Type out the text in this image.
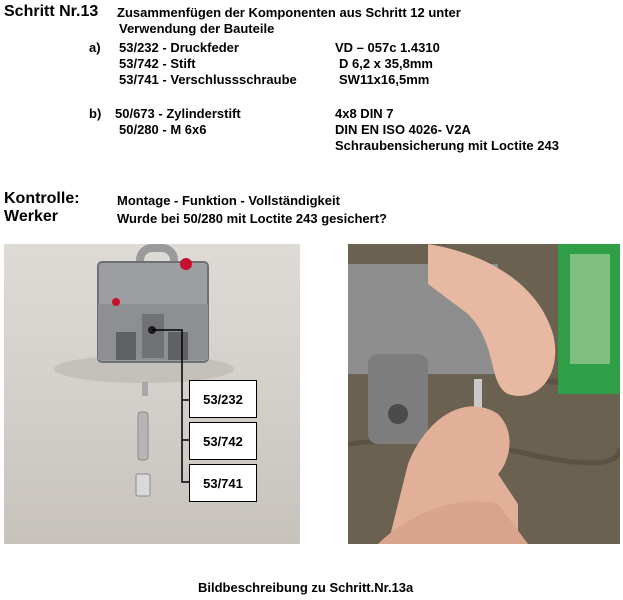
Schritt Nr.13 Zusammenfügen der Komponenten aus Schritt 12 unter
Verwendung der Bauteile
a) 53/232 - Druckfeder	VD – 057c 1.4310
53/742 - Stift	D 6,2 x 35,8mm
53/741 - Verschlussschraube	SW11x16,5mm
b) 50/673 - Zylinderstift	4x8 DIN 7
50/280 - M 6x6	DIN EN ISO 4026- V2A
Schraubensicherung mit Loctite 243
Kontrolle:	Montage - Funktion - Vollständigkeit
Werker	Wurde bei 50/280 mit Loctite 243 gesichert?
53/232
53/742
53/741
Bildbeschreibung zu Schritt.Nr.13a
